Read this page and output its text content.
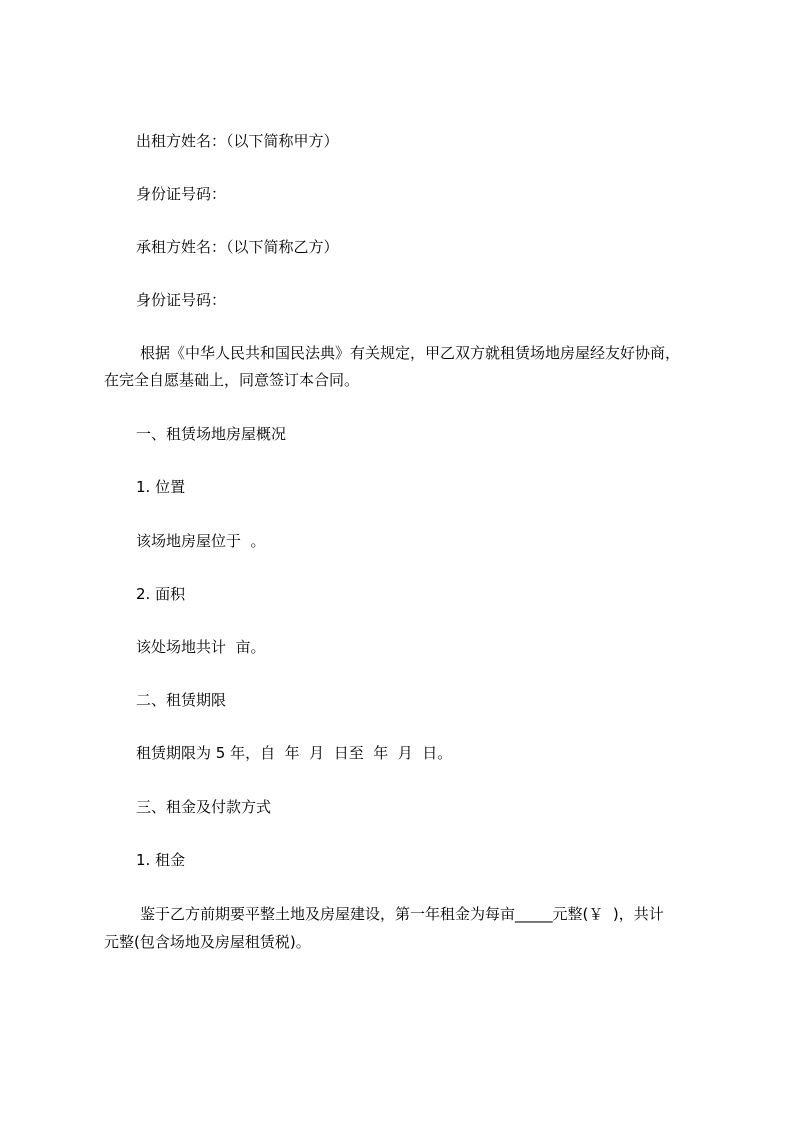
出租方姓名：（以下简称甲方）

身份证号码：

承租方姓名：（以下简称乙方）

身份证号码：

根据《中华人民共和国民法典》有关规定，甲乙双方就租赁场地房屋经友好协商，

在完全自愿基础上，同意签订本合同。

一、租赁场地房屋概况

1. 位置

该场地房屋位于  。

2. 面积

该处场地共计  亩。

二、租赁期限

租赁期限为 5 年，自  年  月  日至  年  月  日。

三、租金及付款方式

1. 租金

鉴于乙方前期要平整土地及房屋建设，第一年租金为每亩_____元整(￥  )，共计

元整(包含场地及房屋租赁税)。
